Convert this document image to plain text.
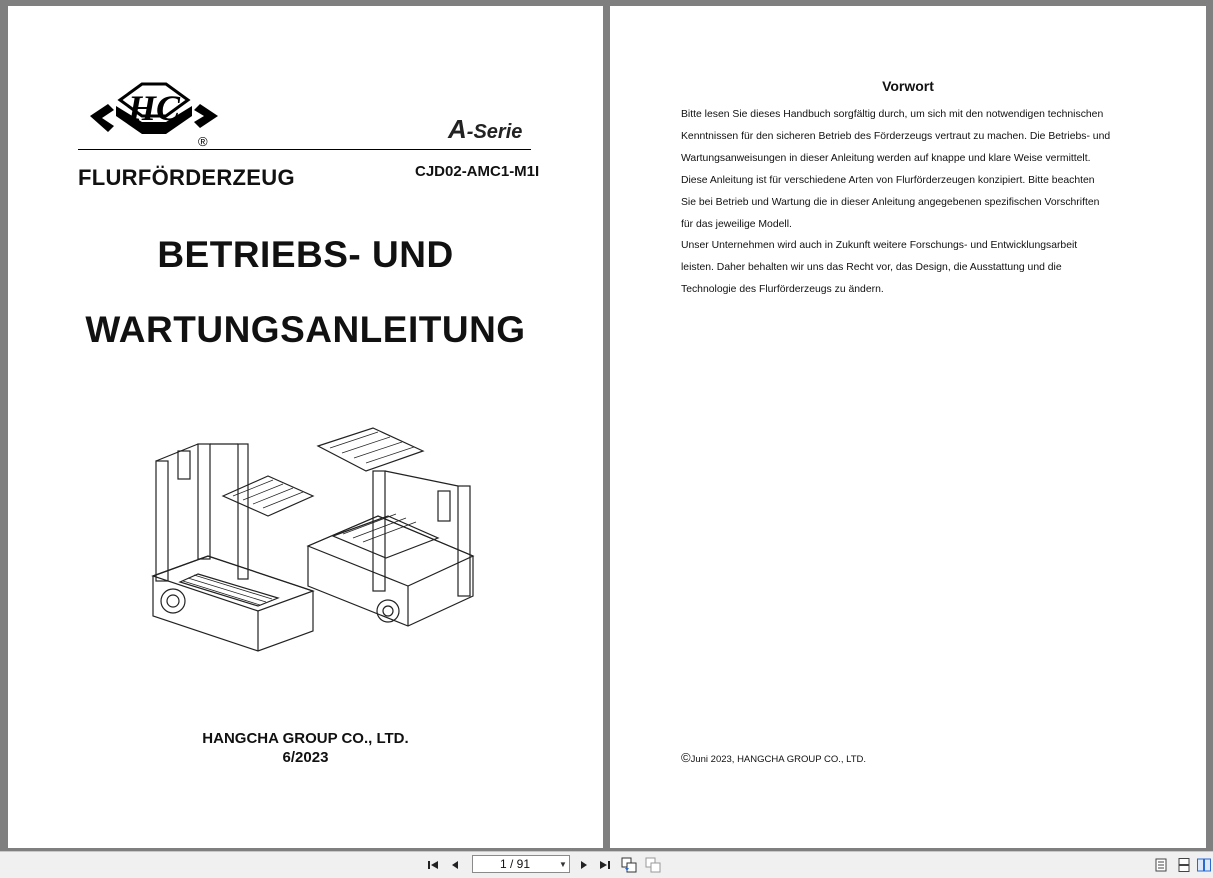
HC
®	A-Serie
FLURFÖRDERZEUG	CJD02-AMC1-M1I
BETRIEBS- UND
WARTUNGSANLEITUNG
HANGCHA GROUP CO., LTD.
6/2023
Vorwort
Bitte lesen Sie dieses Handbuch sorgfältig durch, um sich mit den notwendigen technischen
Kenntnissen für den sicheren Betrieb des Förderzeugs vertraut zu machen. Die Betriebs- und
Wartungsanweisungen in dieser Anleitung werden auf knappe und klare Weise vermittelt.
Diese Anleitung ist für verschiedene Arten von Flurförderzeugen konzipiert. Bitte beachten
Sie bei Betrieb und Wartung die in dieser Anleitung angegebenen spezifischen Vorschriften
für das jeweilige Modell.
Unser Unternehmen wird auch in Zukunft weitere Forschungs- und Entwicklungsarbeit
leisten. Daher behalten wir uns das Recht vor, das Design, die Ausstattung und die
Technologie des Flurförderzeugs zu ändern.
©Juni 2023, HANGCHA GROUP CO., LTD.
1 / 91	▼
